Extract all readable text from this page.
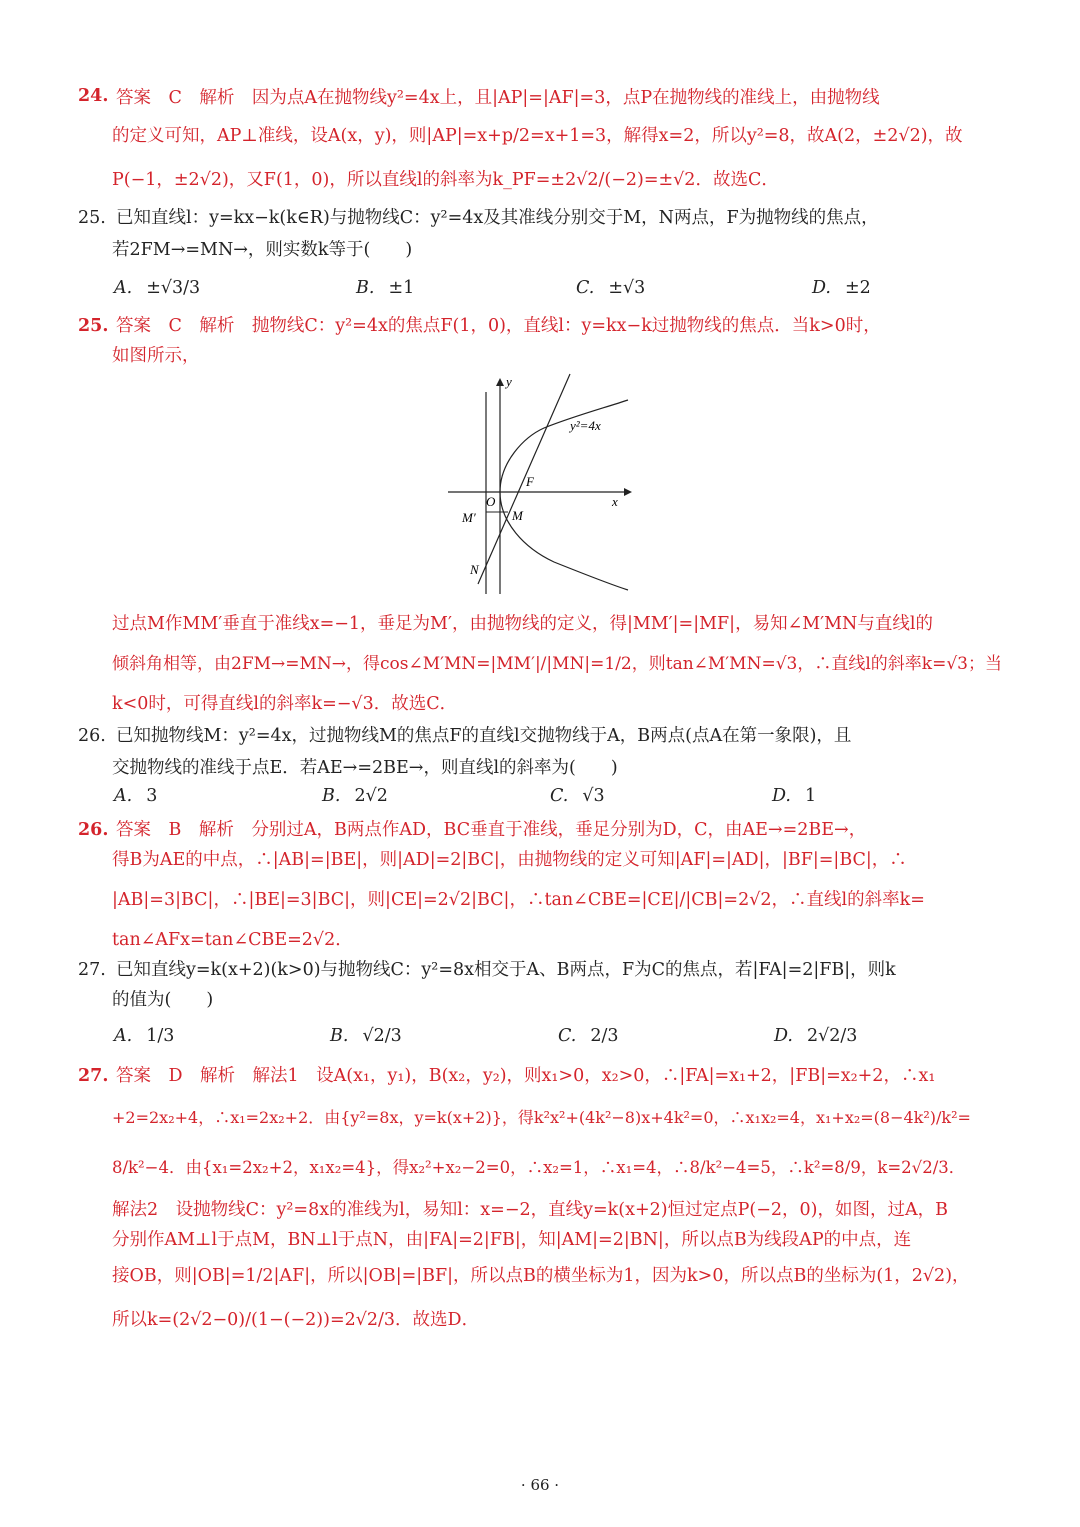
24. 答案　C　解析　因为点A在抛物线y²=4x上，且|AP|=|AF|=3，点P在抛物线的准线上，由抛物线
的定义可知，AP⊥准线，设A(x，y)，则|AP|=x+p/2=x+1=3，解得x=2，所以y²=8，故A(2，±2√2)，故
P(−1，±2√2)，又F(1，0)，所以直线l的斜率为k_PF=±2√2/(−2)=±√2．故选C．
25. 已知直线l：y=kx−k(k∈R)与抛物线C：y²=4x及其准线分别交于M，N两点，F为抛物线的焦点，
若2FM→=MN→，则实数k等于(　　)
A. ±√3/3	B. ±1	C. ±√3	D. ±2
25. 答案　C　解析　抛物线C：y²=4x的焦点F(1，0)，直线l：y=kx−k过抛物线的焦点．当k>0时，
如图所示，
y
x
y²=4x
O
F
M
M′
N
过点M作MM′垂直于准线x=−1，垂足为M′，由抛物线的定义，得|MM′|=|MF|，易知∠M′MN与直线l的
倾斜角相等，由2FM→=MN→，得cos∠M′MN=|MM′|/|MN|=1/2，则tan∠M′MN=√3，∴直线l的斜率k=√3；当
k<0时，可得直线l的斜率k=−√3．故选C．
26. 已知抛物线M：y²=4x，过抛物线M的焦点F的直线l交抛物线于A，B两点(点A在第一象限)，且
交抛物线的准线于点E．若AE→=2BE→，则直线l的斜率为(　　)
A. 3	B. 2√2	C. √3	D. 1
26. 答案　B　解析　分别过A，B两点作AD，BC垂直于准线，垂足分别为D，C，由AE→=2BE→，
得B为AE的中点，∴|AB|=|BE|，则|AD|=2|BC|，由抛物线的定义可知|AF|=|AD|，|BF|=|BC|，∴
|AB|=3|BC|，∴|BE|=3|BC|，则|CE|=2√2|BC|，∴tan∠CBE=|CE|/|CB|=2√2，∴直线l的斜率k=
tan∠AFx=tan∠CBE=2√2．
27. 已知直线y=k(x+2)(k>0)与抛物线C：y²=8x相交于A、B两点，F为C的焦点，若|FA|=2|FB|，则k
的值为(　　)
A. 1/3	B. √2/3	C. 2/3	D. 2√2/3
27. 答案　D　解析　解法1　设A(x₁，y₁)，B(x₂，y₂)，则x₁>0，x₂>0，∴|FA|=x₁+2，|FB|=x₂+2，∴x₁
+2=2x₂+4，∴x₁=2x₂+2．由{y²=8x，y=k(x+2)}，得k²x²+(4k²−8)x+4k²=0，∴x₁x₂=4，x₁+x₂=(8−4k²)/k²=
8/k²−4．由{x₁=2x₂+2，x₁x₂=4}，得x₂²+x₂−2=0，∴x₂=1，∴x₁=4，∴8/k²−4=5，∴k²=8/9，k=2√2/3．
解法2　设抛物线C：y²=8x的准线为l，易知l：x=−2，直线y=k(x+2)恒过定点P(−2，0)，如图，过A，B
分别作AM⊥l于点M，BN⊥l于点N，由|FA|=2|FB|，知|AM|=2|BN|，所以点B为线段AP的中点，连
接OB，则|OB|=1/2|AF|，所以|OB|=|BF|，所以点B的横坐标为1，因为k>0，所以点B的坐标为(1，2√2)，
所以k=(2√2−0)/(1−(−2))=2√2/3．故选D．
· 66 ·
